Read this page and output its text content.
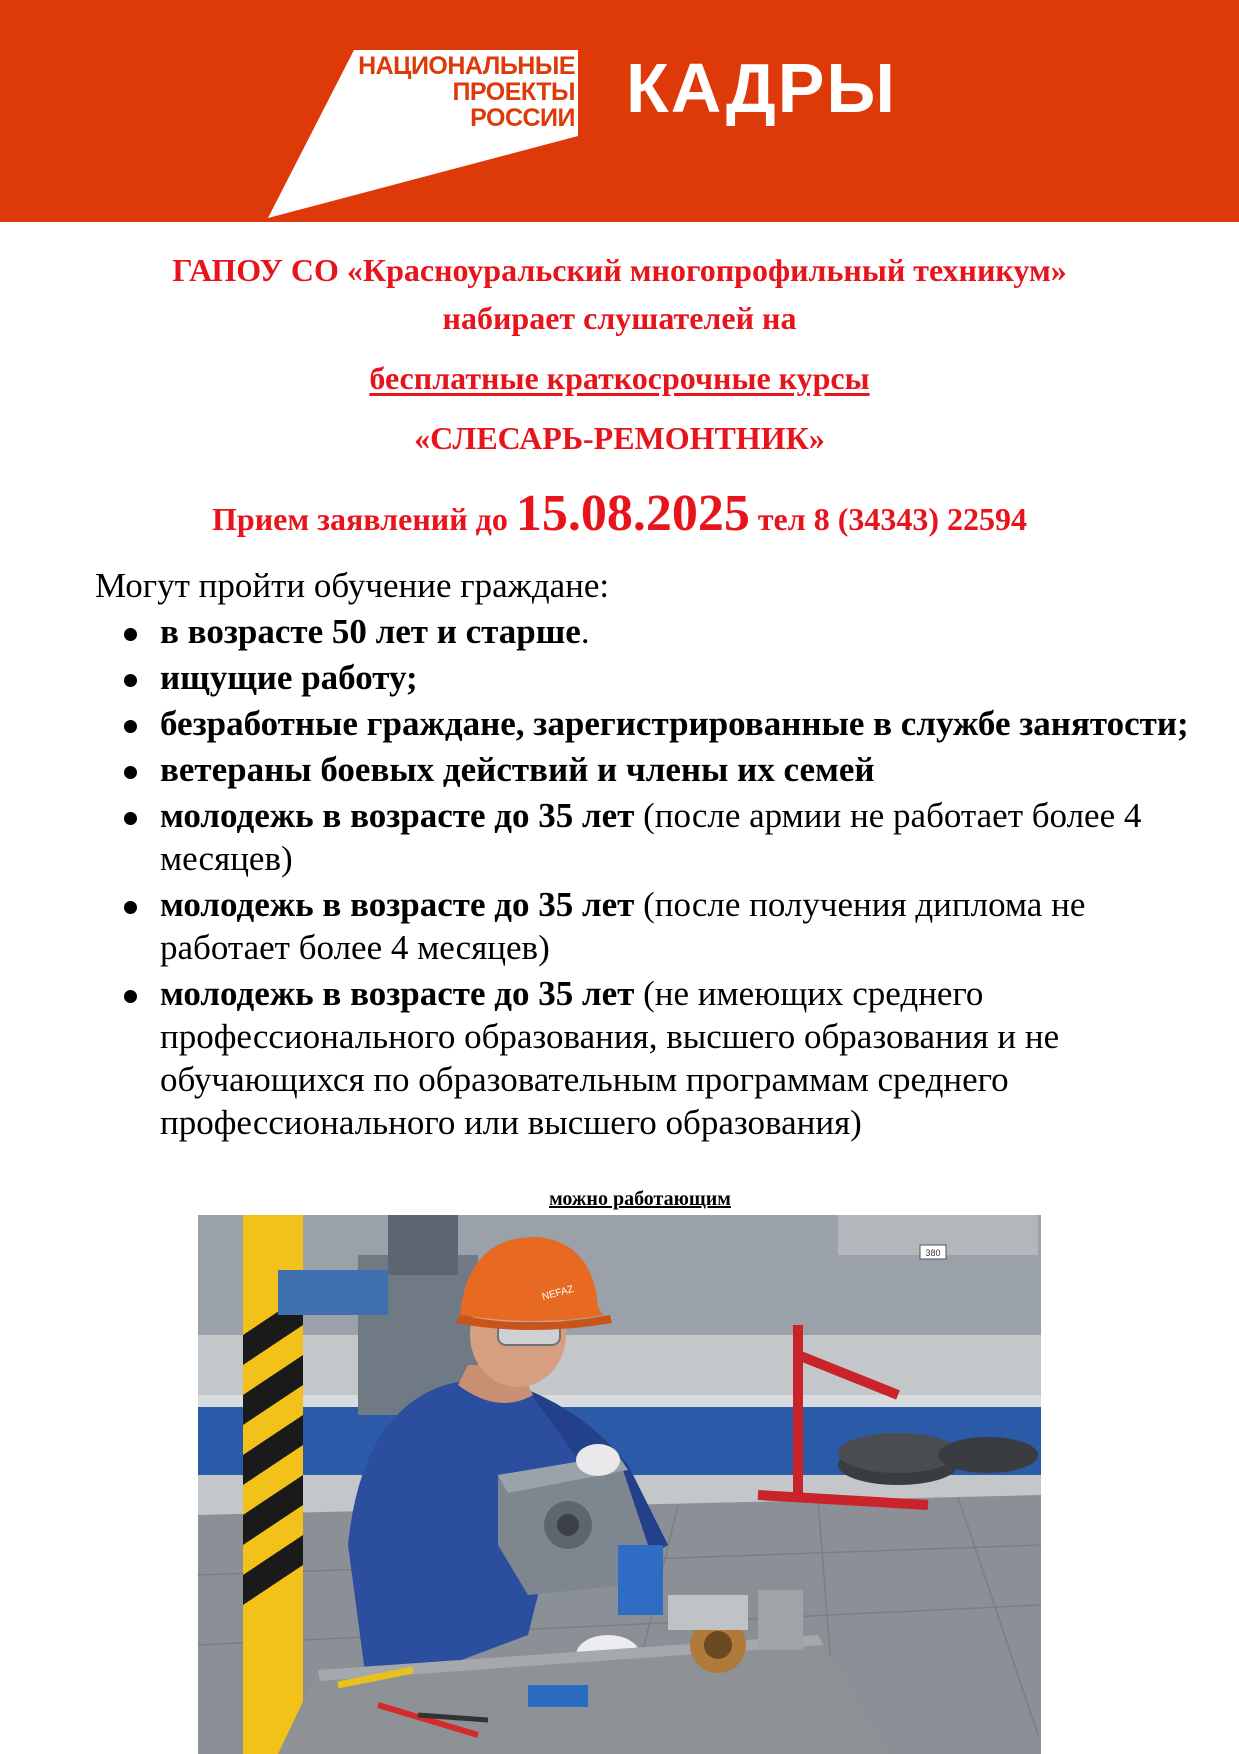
НАЦИОНАЛЬНЫЕ
ПРОЕКТЫ
РОССИИ КАДРЫ
ГАПОУ СО «Красноуральский многопрофильный техникум»
набирает слушателей на
бесплатные краткосрочные курсы
«СЛЕСАРЬ-РЕМОНТНИК»
Прием заявлений до 15.08.2025 тел 8 (34343) 22594
Могут пройти обучение граждане:
в возрасте 50 лет и старше.
ищущие работу;
безработные граждане, зарегистрированные в службе занятости;
ветераны боевых действий и члены их семей
молодежь в возрасте до 35 лет (после армии не работает более 4 месяцев)
молодежь в возрасте до 35 лет (после получения диплома не работает более 4 месяцев)
молодежь в возрасте до 35 лет (не имеющих среднего профессионального образования, высшего образования и не обучающихся по образовательным программам среднего профессионального или высшего образования)
можно работающим
380
NEFAZ
